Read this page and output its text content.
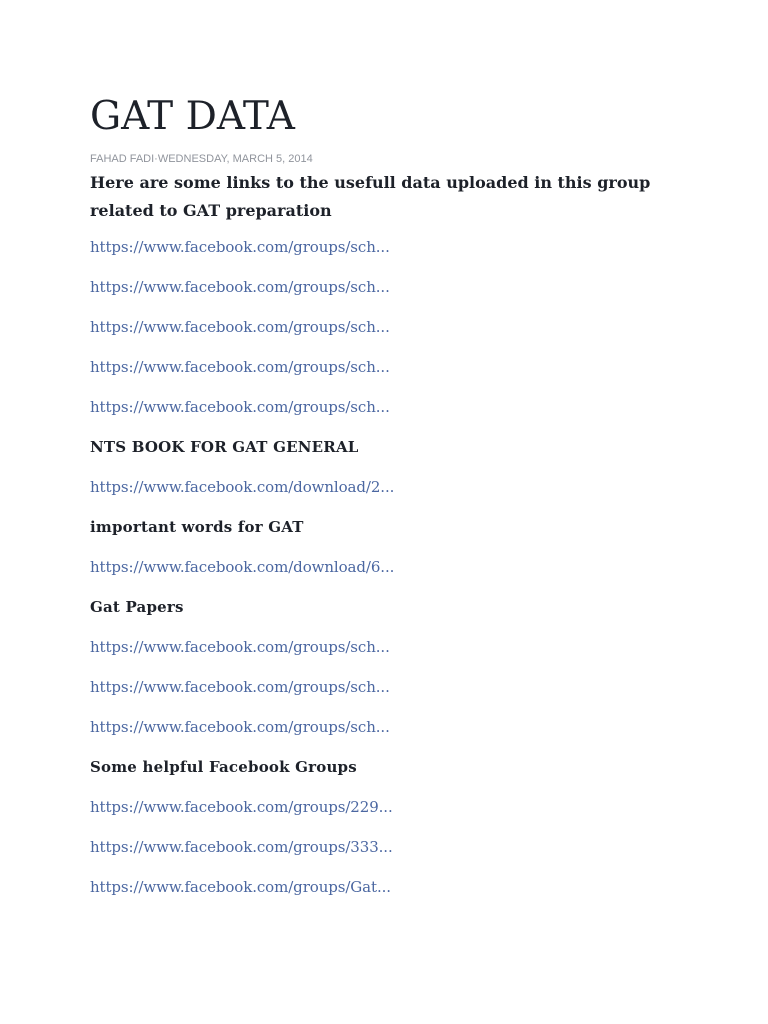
GAT DATA
FAHAD FADI·WEDNESDAY, MARCH 5, 2014
Here are some links to the usefull data uploaded in this group related to GAT preparation
https://www.facebook.com/groups/sch...
https://www.facebook.com/groups/sch...
https://www.facebook.com/groups/sch...
https://www.facebook.com/groups/sch...
https://www.facebook.com/groups/sch...
NTS BOOK FOR GAT GENERAL
https://www.facebook.com/download/2...
important words for GAT
https://www.facebook.com/download/6...
Gat Papers
https://www.facebook.com/groups/sch...
https://www.facebook.com/groups/sch...
https://www.facebook.com/groups/sch...
Some helpful Facebook Groups
https://www.facebook.com/groups/229...
https://www.facebook.com/groups/333...
https://www.facebook.com/groups/Gat...
